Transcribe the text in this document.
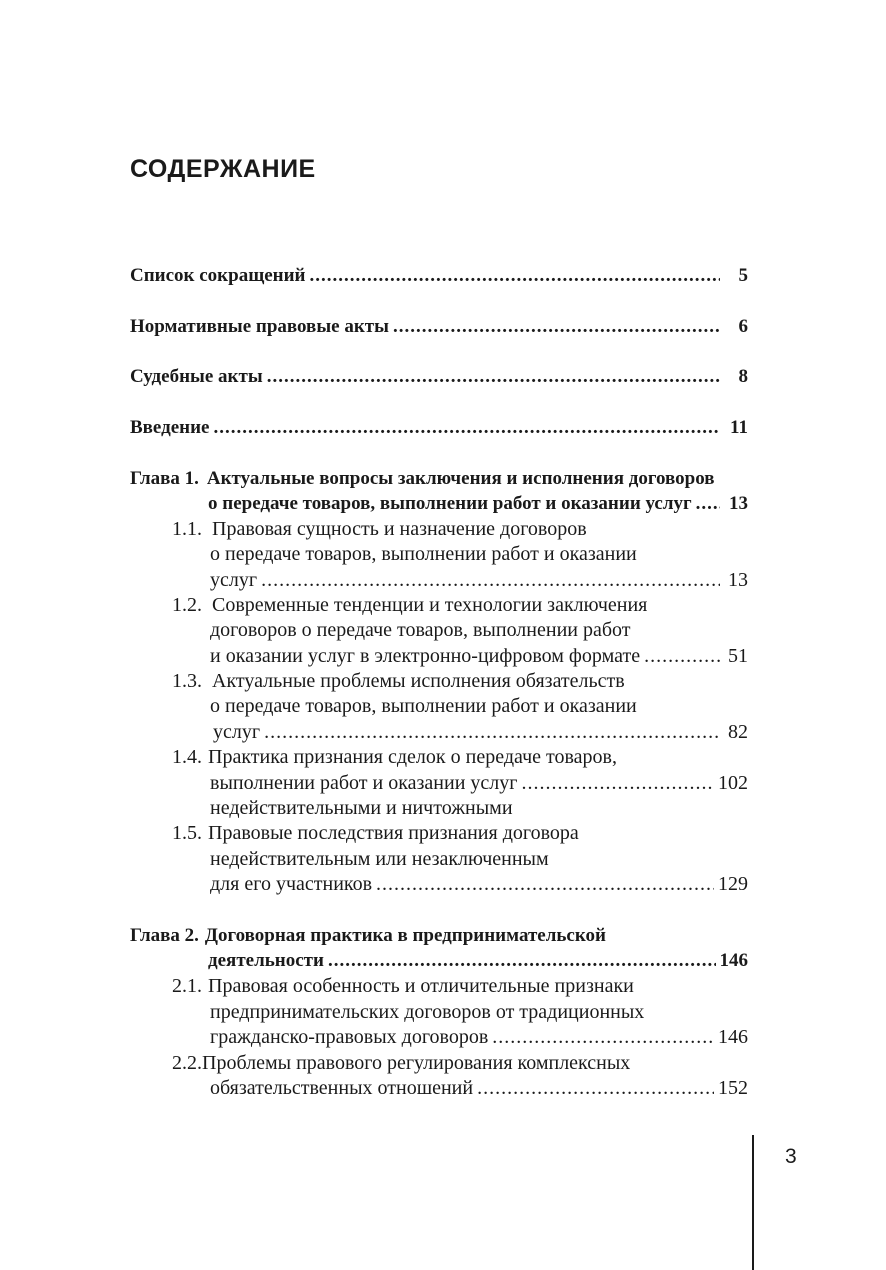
СОДЕРЖАНИЕ
Список сокращений .....	5
Нормативные правовые акты .....	6
Судебные акты .....	8
Введение .....	11
Глава 1. Актуальные вопросы заключения и исполнения договоров
о передаче товаров, выполнении работ и оказании услуг ..... 13
1.1. Правовая сущность и назначение договоров
о передаче товаров, выполнении работ и оказании
услуг .....	13
1.2. Современные тенденции и технологии заключения
договоров о передаче товаров, выполнении работ
и оказании услуг в электронно-цифровом формате .....	51
1.3. Актуальные проблемы исполнения обязательств
о передаче товаров, выполнении работ и оказании
услуг .....	82
1.4. Практика признания сделок о передаче товаров,
выполнении работ и оказании услуг .....	102
недействительными и ничтожными
1.5. Правовые последствия признания договора
недействительным или незаключенным
для его участников .....	129
Глава 2. Договорная практика в предпринимательской
деятельности .....	146
2.1. Правовая особенность и отличительные признаки
предпринимательских договоров от традиционных
гражданско-правовых договоров .....	146
2.2. Проблемы правового регулирования комплексных
обязательственных отношений .....	152
3
